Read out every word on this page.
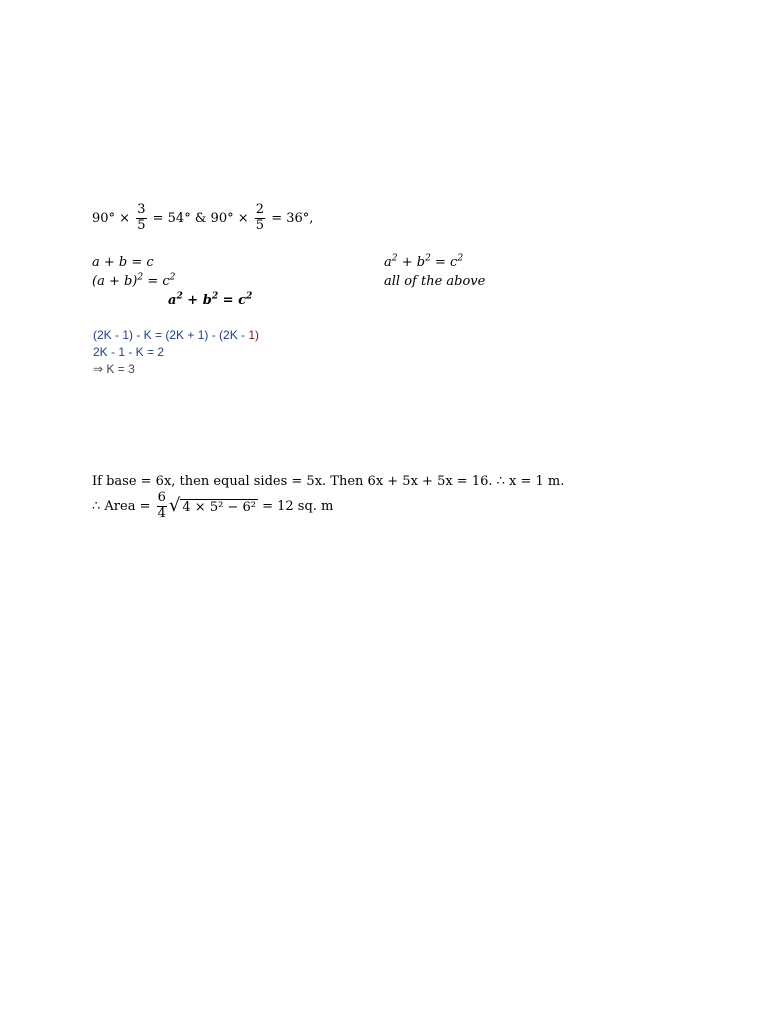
$90^\circ \times \frac{3}{5} = 54^\circ$ & $90^\circ \times \frac{2}{5} = 36^\circ$,
a + b = c
$(a + b)^2 = c^2$
$a^2 + b^2 = c^2$
$a^2 + b^2 = c^2$
all of the above
(2K - 1) - K = (2K + 1) - (2K - 1)
2K - 1 - K = 2
⇒ K = 3
If base = 6x, then equal sides = 5x. Then 6x + 5x + 5x = 16. ∴ x = 1 m.
∴ Area = $\frac{6}{4}$ √ 4 × 5² − 6² = 12 sq. m
